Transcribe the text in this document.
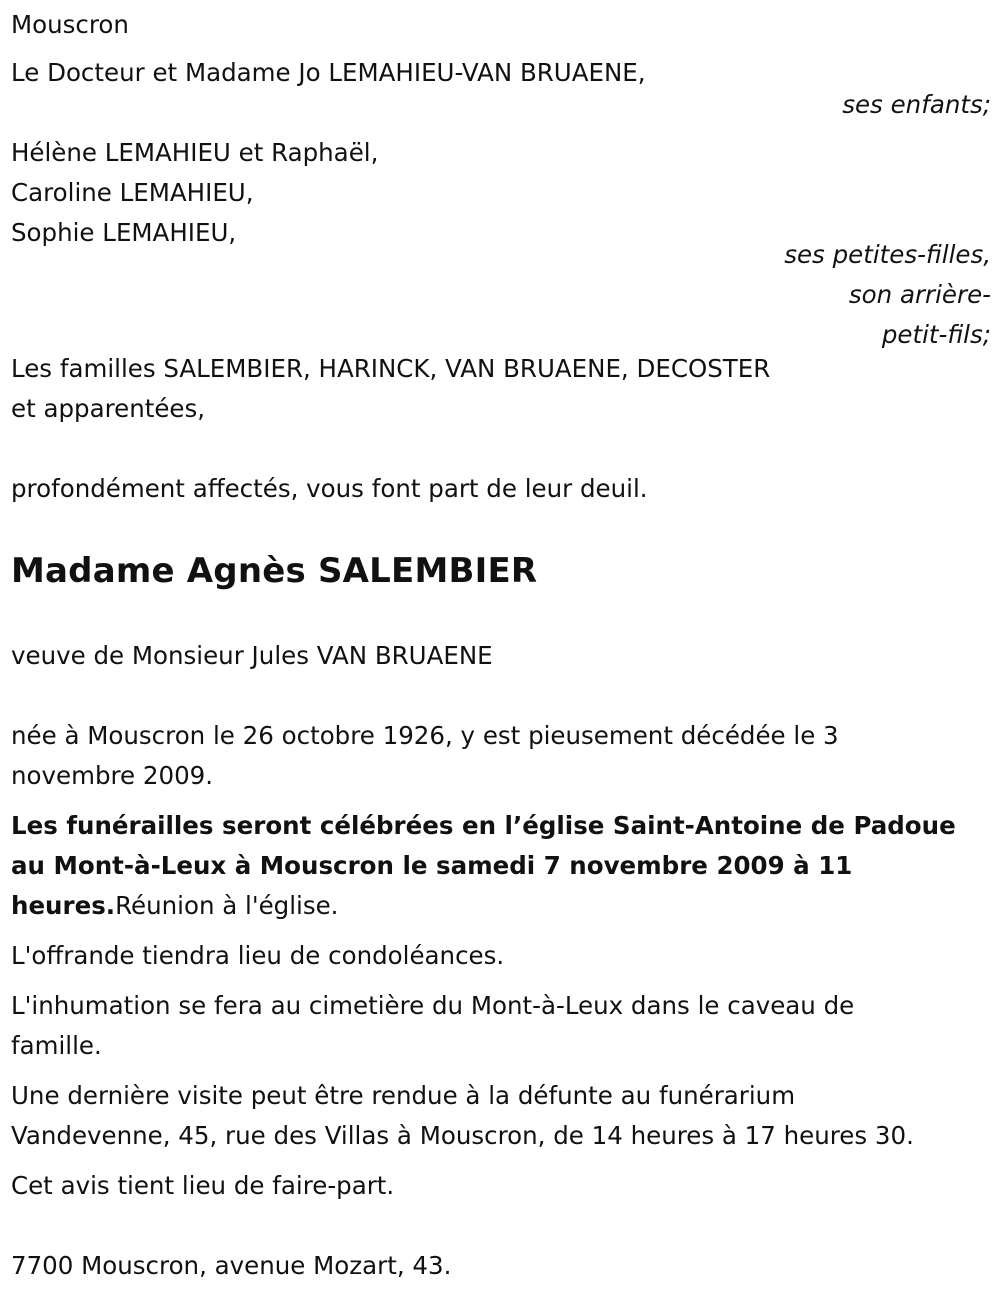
Mouscron
Le Docteur et Madame Jo LEMAHIEU-VAN BRUAENE,
ses enfants;
Hélène LEMAHIEU et Raphaël,
Caroline LEMAHIEU,
Sophie LEMAHIEU,
ses petites-filles,
son arrière-
petit-fils;
Les familles SALEMBIER, HARINCK, VAN BRUAENE, DECOSTER
et apparentées,
profondément affectés, vous font part de leur deuil.
Madame Agnès SALEMBIER
veuve de Monsieur Jules VAN BRUAENE
née à Mouscron le 26 octobre 1926, y est pieusement décédée le 3
novembre 2009.
Les funérailles seront célébrées en l’église Saint-Antoine de Padoue
au Mont-à-Leux à Mouscron le samedi 7 novembre 2009 à 11
heures.Réunion à l'église.
L'offrande tiendra lieu de condoléances.
L'inhumation se fera au cimetière du Mont-à-Leux dans le caveau de
famille.
Une dernière visite peut être rendue à la défunte au funérarium
Vandevenne, 45, rue des Villas à Mouscron, de 14 heures à 17 heures 30.
Cet avis tient lieu de faire-part.
7700 Mouscron, avenue Mozart, 43.
